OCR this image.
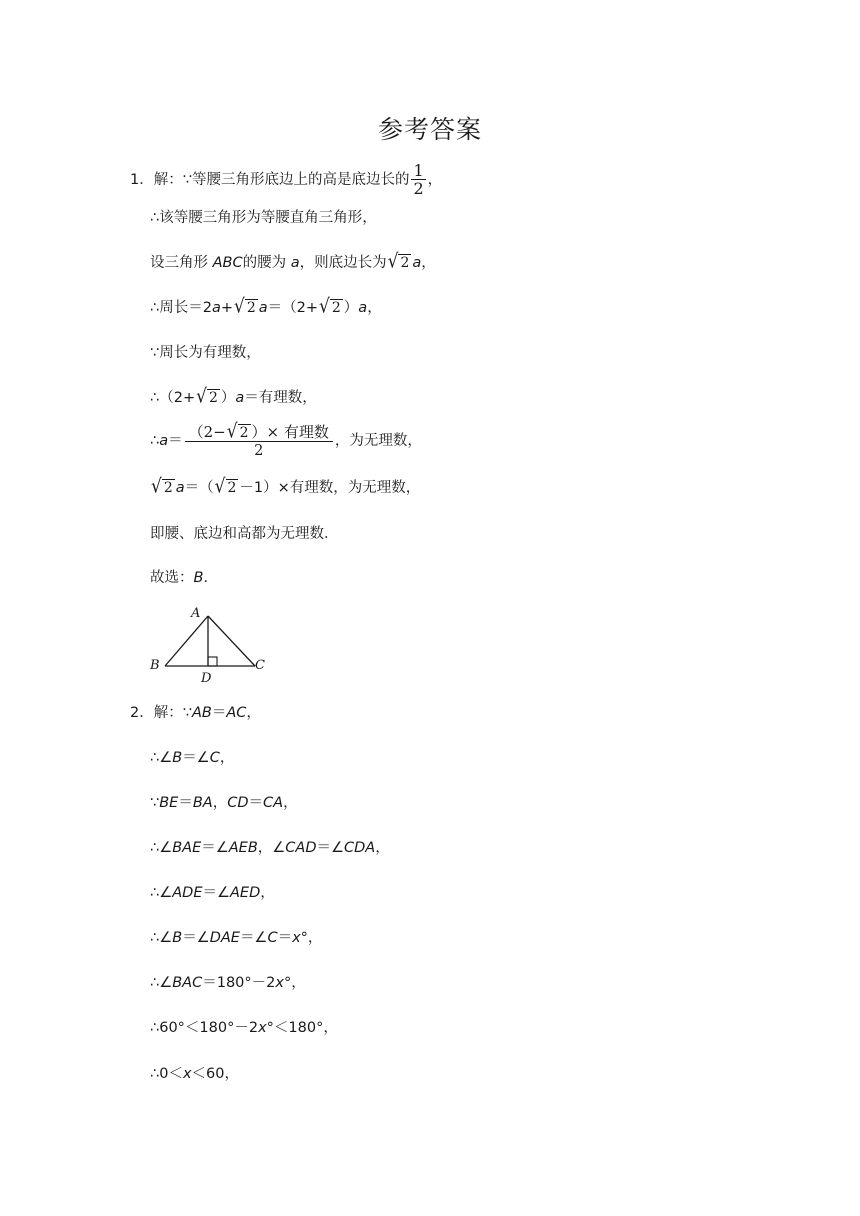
参考答案
1．解：∵等腰三角形底边上的高是底边长的 $\frac{1}{2}$ ，
∴该等腰三角形为等腰直角三角形，
设三角形 ABC的腰为 a，则底边长为 √ 2 a，
∴周长＝2a+ √ 2 a＝（2+ √ 2 ）a，
∵周长为有理数，
∴（2+ √ 2 ）a＝有理数，
∴a＝ $\frac{\text{（2− √ 2 ）× 有理数}}{2}$ ，为无理数，
√ 2 a＝（ √ 2 －1）×有理数，为无理数，
即腰、底边和高都为无理数．
故选：B．
A
B	C
D
2．解：∵AB＝AC，
∴∠B＝∠C，
∵BE＝BA，CD＝CA，
∴∠BAE＝∠AEB，∠CAD＝∠CDA，
∴∠ADE＝∠AED，
∴∠B＝∠DAE＝∠C＝x°，
∴∠BAC＝180°－2x°，
∴60°＜180°－2x°＜180°，
∴0＜x＜60，
